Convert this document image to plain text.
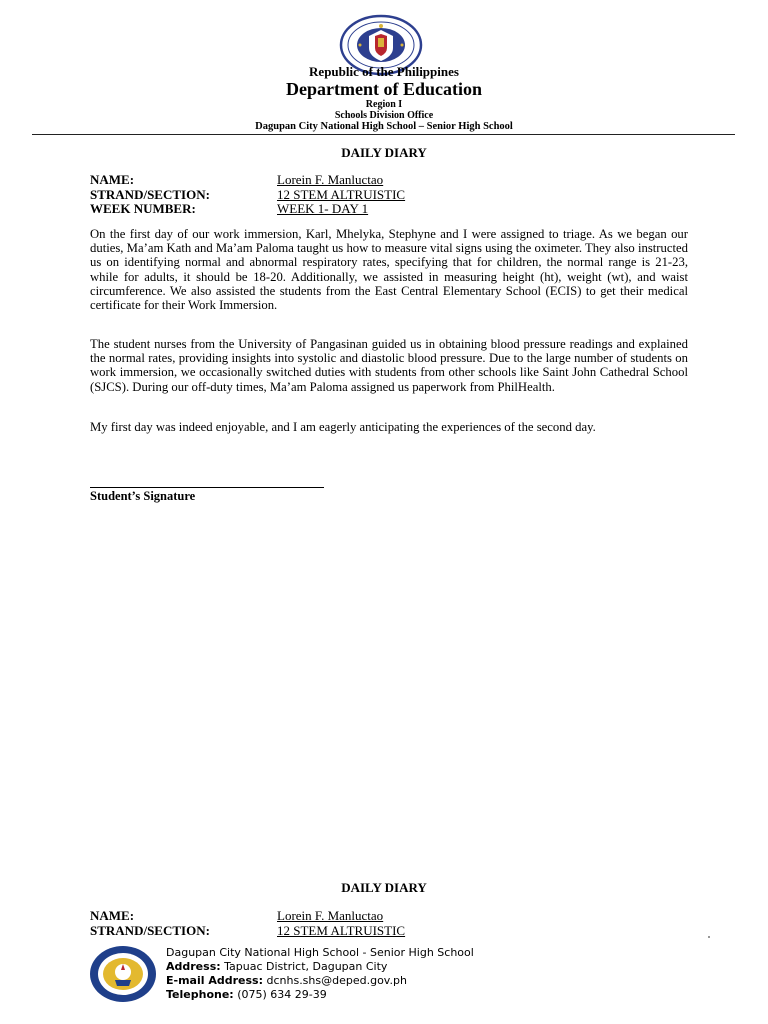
Republic of the Philippines
Department of Education
Region I
Schools Division Office
Dagupan City National High School – Senior High School
DAILY DIARY
NAME:	Lorein F. Manluctao
STRAND/SECTION:	12 STEM ALTRUISTIC
WEEK NUMBER:	WEEK 1- DAY 1

On the first day of our work immersion, Karl, Mhelyka, Stephyne and I were assigned to triage. As we began our duties, Ma’am Kath and Ma’am Paloma taught us how to measure vital signs using the oximeter. They also instructed us on identifying normal and abnormal respiratory rates, specifying that for children, the normal range is 21-23, while for adults, it should be 18-20. Additionally, we assisted in measuring height (ht), weight (wt), and waist circumference. We also assisted the students from the East Central Elementary School (ECIS) to get their medical certificate for their Work Immersion.

The student nurses from the University of Pangasinan guided us in obtaining blood pressure readings and explained the normal rates, providing insights into systolic and diastolic blood pressure. Due to the large number of students on work immersion, we occasionally switched duties with students from other schools like Saint John Cathedral School (SJCS). During our off-duty times, Ma’am Paloma assigned us paperwork from PhilHealth.

My first day was indeed enjoyable, and I am eagerly anticipating the experiences of the second day.

Student’s Signature
DAILY DIARY
NAME:	Lorein F. Manluctao
STRAND/SECTION:	12 STEM ALTRUISTIC
Dagupan City National High School - Senior High School
Address: Tapuac District, Dagupan City
E-mail Address: dcnhs.shs@deped.gov.ph
Telephone: (075) 634 29-39
